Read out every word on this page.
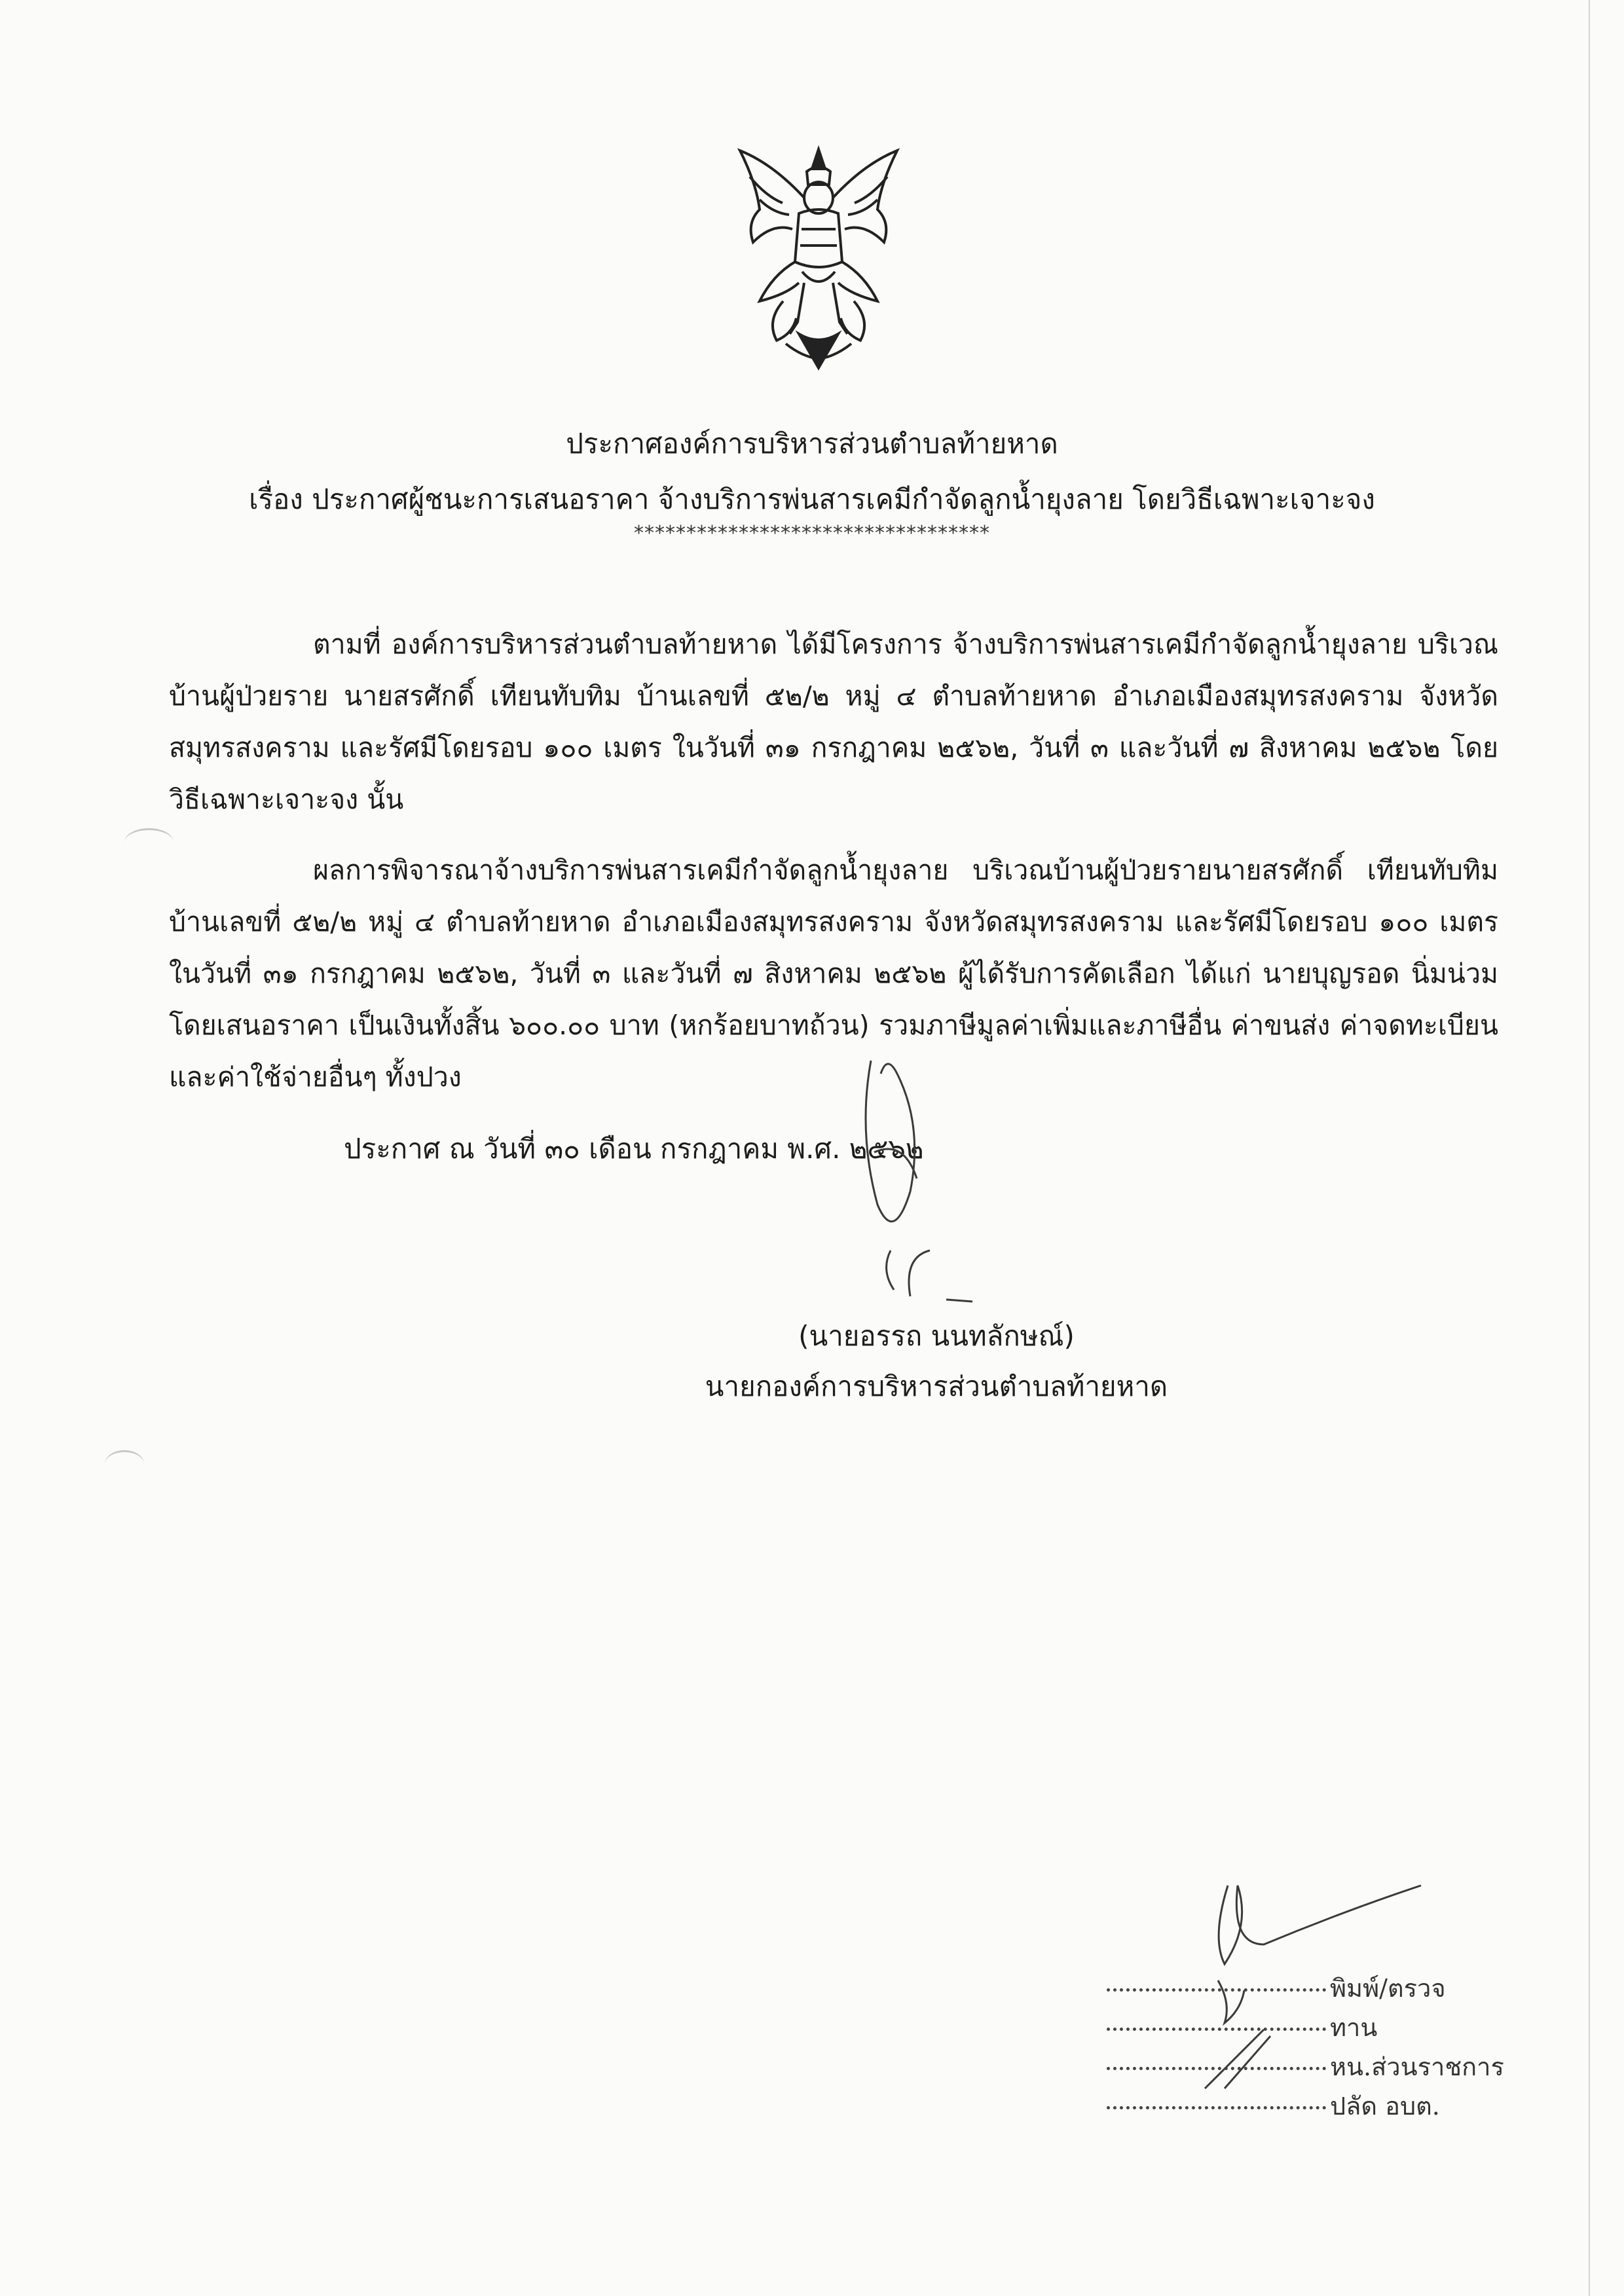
ประกาศองค์การบริหารส่วนตำบลท้ายหาด
เรื่อง ประกาศผู้ชนะการเสนอราคา จ้างบริการพ่นสารเคมีกำจัดลูกน้ำยุงลาย โดยวิธีเฉพาะเจาะจง
**********************************
ตามที่ องค์การบริหารส่วนตำบลท้ายหาด ได้มีโครงการ จ้างบริการพ่นสารเคมีกำจัดลูกน้ำยุงลาย บริเวณบ้านผู้ป่วยราย นายสรศักดิ์ เทียนทับทิม บ้านเลขที่ ๕๒/๒ หมู่ ๔ ตำบลท้ายหาด อำเภอเมืองสมุทรสงคราม จังหวัดสมุทรสงคราม และรัศมีโดยรอบ ๑๐๐ เมตร ในวันที่ ๓๑ กรกฎาคม ๒๕๖๒, วันที่ ๓ และวันที่ ๗ สิงหาคม ๒๕๖๒ โดยวิธีเฉพาะเจาะจง นั้น
ผลการพิจารณาจ้างบริการพ่นสารเคมีกำจัดลูกน้ำยุงลาย บริเวณบ้านผู้ป่วยรายนายสรศักดิ์ เทียนทับทิม บ้านเลขที่ ๕๒/๒ หมู่ ๔ ตำบลท้ายหาด อำเภอเมืองสมุทรสงคราม จังหวัดสมุทรสงคราม และรัศมีโดยรอบ ๑๐๐ เมตร ในวันที่ ๓๑ กรกฎาคม ๒๕๖๒, วันที่ ๓ และวันที่ ๗ สิงหาคม ๒๕๖๒ ผู้ได้รับการคัดเลือก ได้แก่ นายบุญรอด นิ่มน่วม โดยเสนอราคา เป็นเงินทั้งสิ้น ๖๐๐.๐๐ บาท (หกร้อยบาทถ้วน) รวมภาษีมูลค่าเพิ่มและภาษีอื่น ค่าขนส่ง ค่าจดทะเบียน และค่าใช้จ่ายอื่นๆ ทั้งปวง
ประกาศ ณ วันที่ ๓๐ เดือน กรกฎาคม พ.ศ. ๒๕๖๒
(นายอรรถ นนทลักษณ์)
นายกองค์การบริหารส่วนตำบลท้ายหาด
พิมพ์/ตรวจ
ทาน
หน.ส่วนราชการ
ปลัด อบต.
